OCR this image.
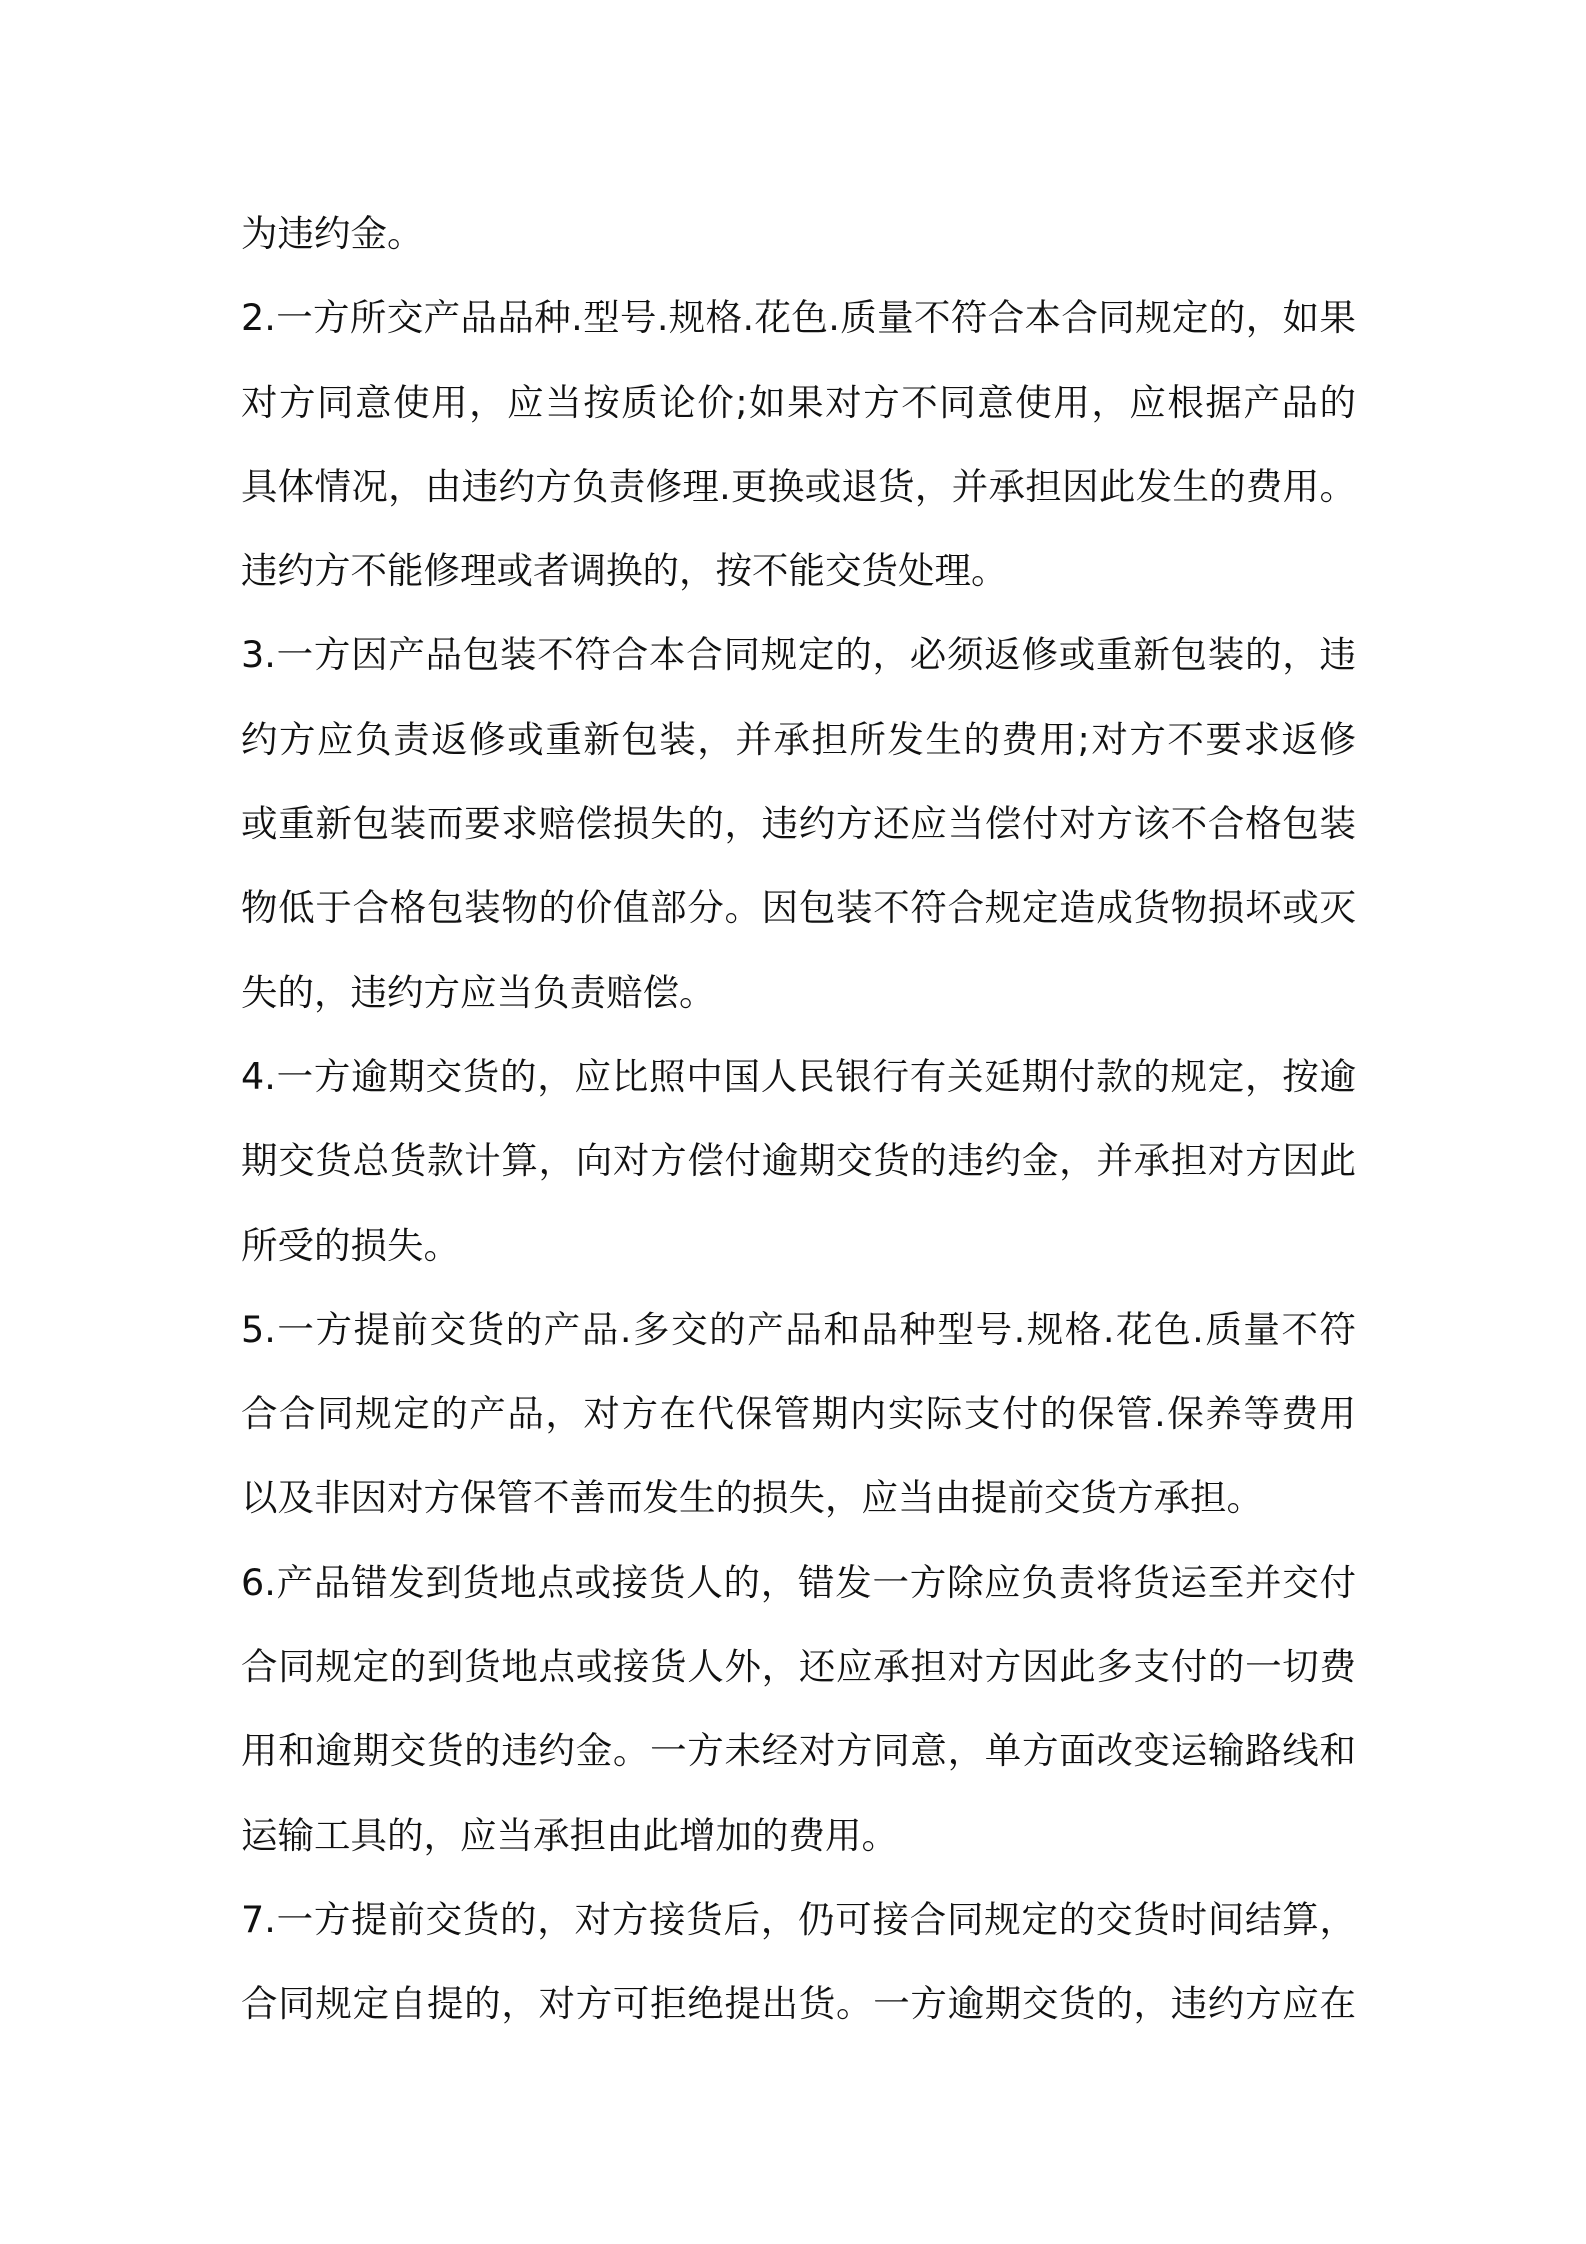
为违约金。
2.一方所交产品品种.型号.规格.花色.质量不符合本合同规定的，如果
对方同意使用，应当按质论价;如果对方不同意使用，应根据产品的
具体情况，由违约方负责修理.更换或退货，并承担因此发生的费用。
违约方不能修理或者调换的，按不能交货处理。
3.一方因产品包装不符合本合同规定的，必须返修或重新包装的，违
约方应负责返修或重新包装，并承担所发生的费用;对方不要求返修
或重新包装而要求赔偿损失的，违约方还应当偿付对方该不合格包装
物低于合格包装物的价值部分。因包装不符合规定造成货物损坏或灭
失的，违约方应当负责赔偿。
4.一方逾期交货的，应比照中国人民银行有关延期付款的规定，按逾
期交货总货款计算，向对方偿付逾期交货的违约金，并承担对方因此
所受的损失。
5.一方提前交货的产品.多交的产品和品种型号.规格.花色.质量不符
合合同规定的产品，对方在代保管期内实际支付的保管.保养等费用
以及非因对方保管不善而发生的损失，应当由提前交货方承担。
6.产品错发到货地点或接货人的，错发一方除应负责将货运至并交付
合同规定的到货地点或接货人外，还应承担对方因此多支付的一切费
用和逾期交货的违约金。一方未经对方同意，单方面改变运输路线和
运输工具的，应当承担由此增加的费用。
7.一方提前交货的，对方接货后，仍可接合同规定的交货时间结算，
合同规定自提的，对方可拒绝提出货。一方逾期交货的，违约方应在
